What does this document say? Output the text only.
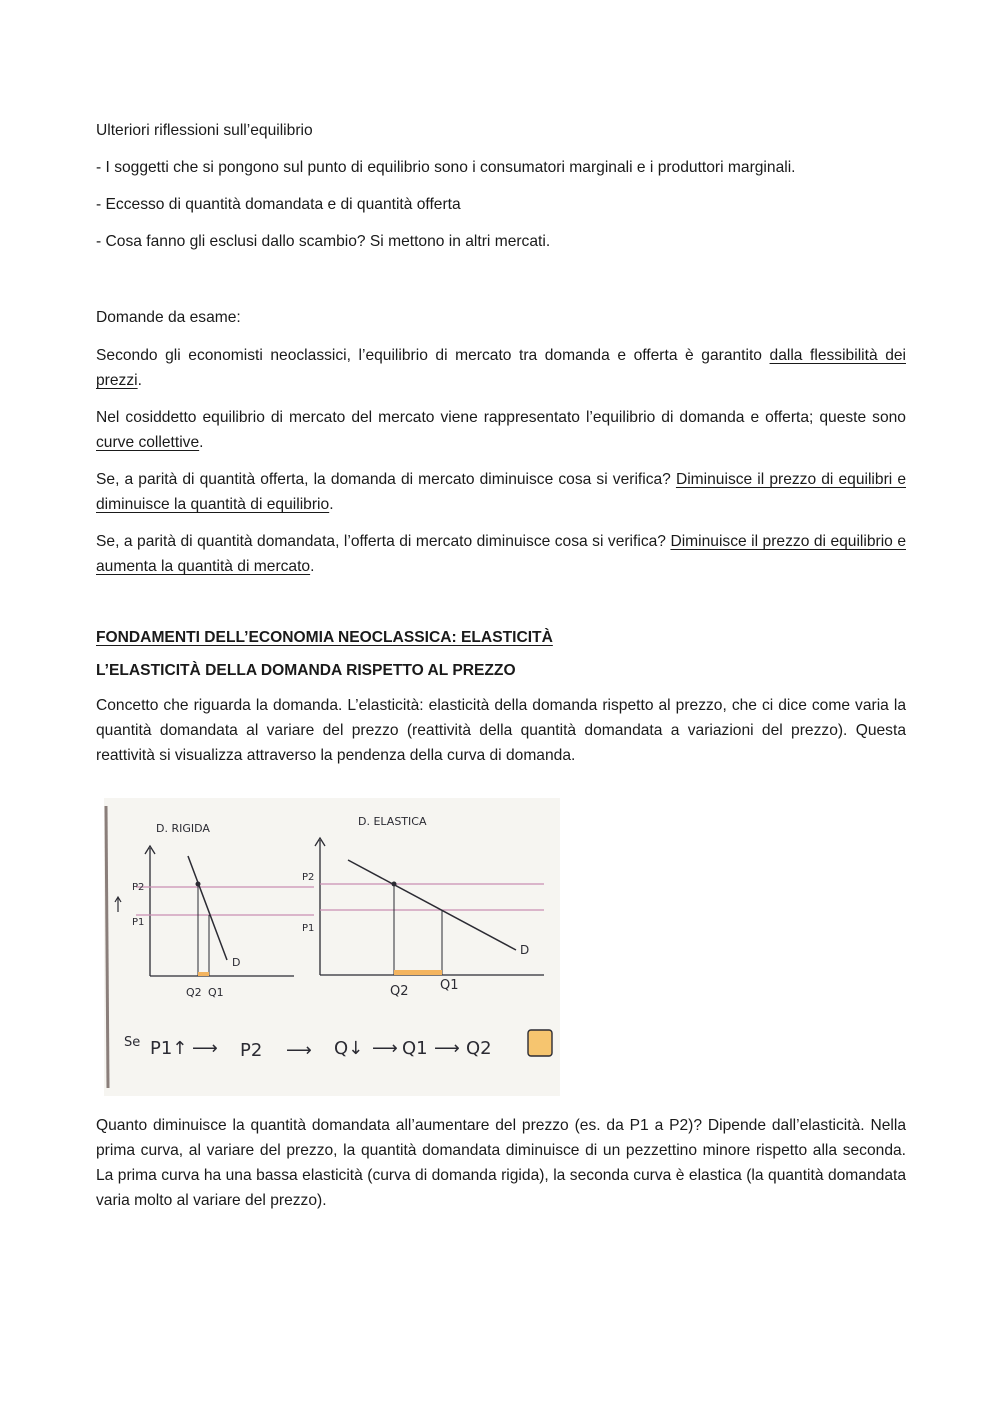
Ulteriori riflessioni sull’equilibrio

- I soggetti che si pongono sul punto di equilibrio sono i consumatori marginali e i produttori marginali.

- Eccesso di quantità domandata e di quantità offerta

- Cosa fanno gli esclusi dallo scambio? Si mettono in altri mercati.

Domande da esame:

Secondo gli economisti neoclassici, l’equilibrio di mercato tra domanda e offerta è garantito dalla flessibilità dei prezzi.

Nel cosiddetto equilibrio di mercato del mercato viene rappresentato l’equilibrio di domanda e offerta; queste sono curve collettive.

Se, a parità di quantità offerta, la domanda di mercato diminuisce cosa si verifica? Diminuisce il prezzo di equilibri e diminuisce la quantità di equilibrio.

Se, a parità di quantità domandata, l’offerta di mercato diminuisce cosa si verifica? Diminuisce il prezzo di equilibrio e aumenta la quantità di mercato.

FONDAMENTI DELL’ECONOMIA NEOCLASSICA: ELASTICITÀ

L’ELASTICITÀ DELLA DOMANDA RISPETTO AL PREZZO

Concetto che riguarda la domanda. L’elasticità: elasticità della domanda rispetto al prezzo, che ci dice come varia la quantità domandata al variare del prezzo (reattività della quantità domandata a variazioni del prezzo). Questa reattività si visualizza attraverso la pendenza della curva di domanda.

D. RIGIDA
P2
P1
D
Q2 Q1
D. ELASTICA
P2
P1
D
Q2 Q1
Se P1↑ ⟶ P2 ⟶ Q↓ ⟶ Q1 ⟶ Q2

Quanto diminuisce la quantità domandata all’aumentare del prezzo (es. da P1 a P2)? Dipende dall’elasticità. Nella prima curva, al variare del prezzo, la quantità domandata diminuisce di un pezzettino minore rispetto alla seconda. La prima curva ha una bassa elasticità (curva di domanda rigida), la seconda curva è elastica (la quantità domandata varia molto al variare del prezzo).
